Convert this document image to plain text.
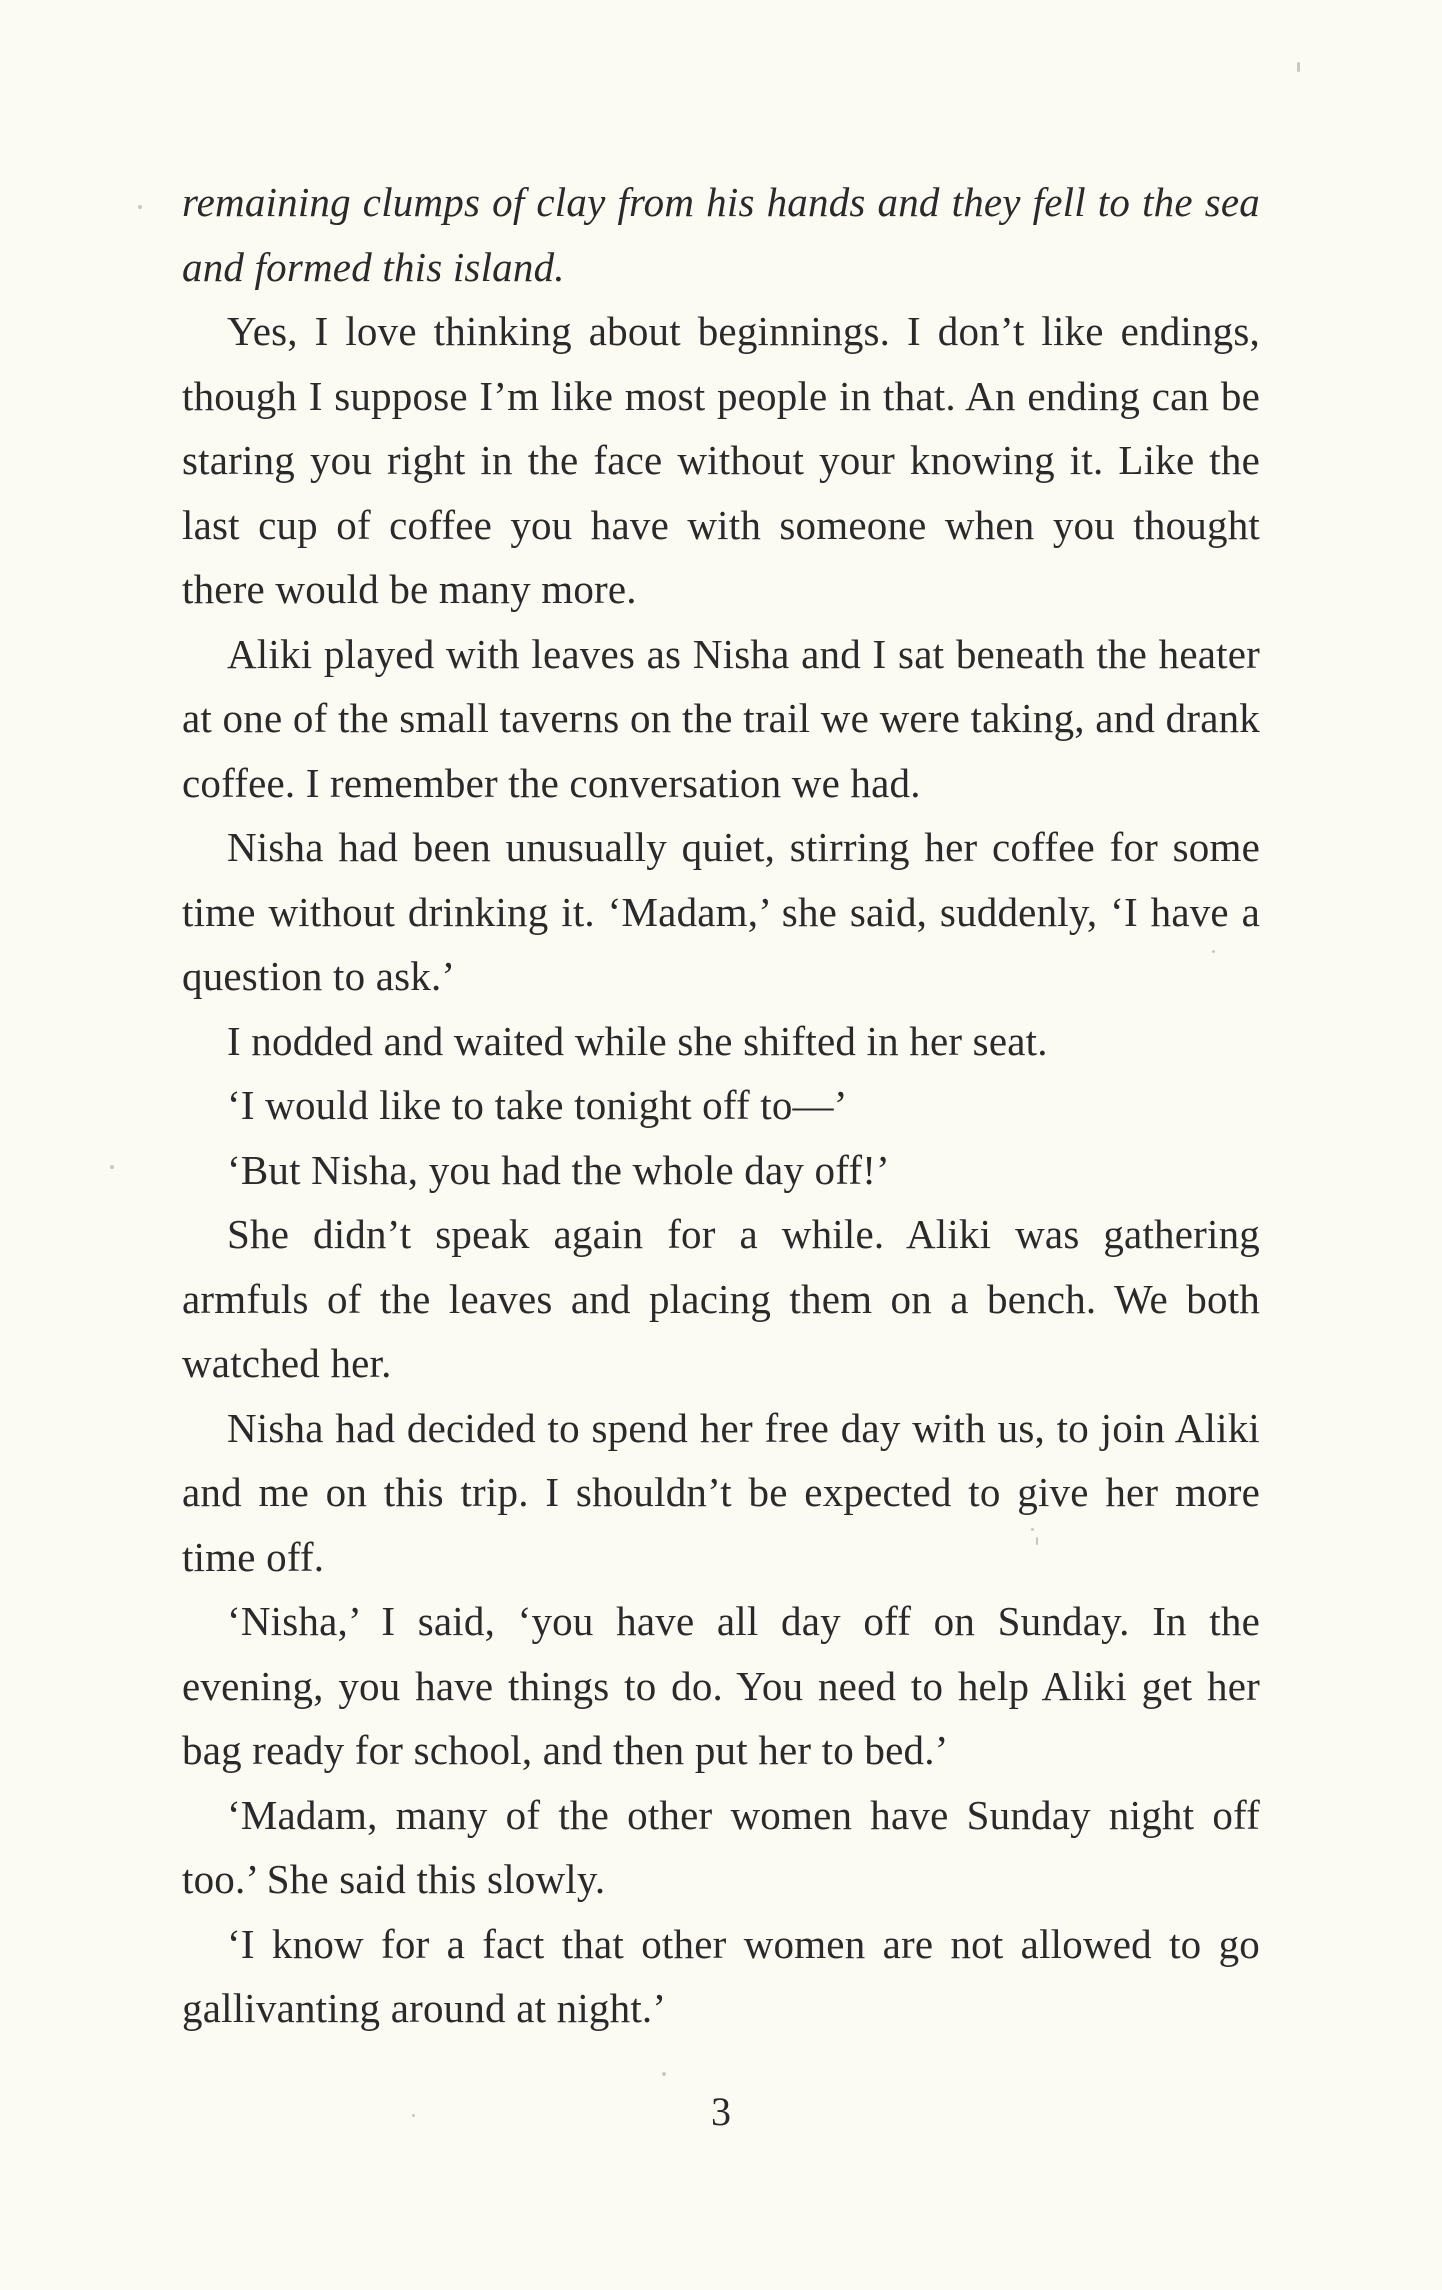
remaining clumps of clay from his hands and they fell to the sea and formed this island.

Yes, I love thinking about beginnings. I don’t like endings, though I suppose I’m like most people in that. An ending can be staring you right in the face without your knowing it. Like the last cup of coffee you have with someone when you thought there would be many more.

Aliki played with leaves as Nisha and I sat beneath the heater at one of the small taverns on the trail we were taking, and drank coffee. I remember the conversation we had.

Nisha had been unusually quiet, stirring her coffee for some time without drinking it. ‘Madam,’ she said, suddenly, ‘I have a question to ask.’

I nodded and waited while she shifted in her seat.

‘I would like to take tonight off to—’

‘But Nisha, you had the whole day off!’

She didn’t speak again for a while. Aliki was gathering armfuls of the leaves and placing them on a bench. We both watched her.

Nisha had decided to spend her free day with us, to join Aliki and me on this trip. I shouldn’t be expected to give her more time off.

‘Nisha,’ I said, ‘you have all day off on Sunday. In the evening, you have things to do. You need to help Aliki get her bag ready for school, and then put her to bed.’

‘Madam, many of the other women have Sunday night off too.’ She said this slowly.

‘I know for a fact that other women are not allowed to go gallivanting around at night.’

3
